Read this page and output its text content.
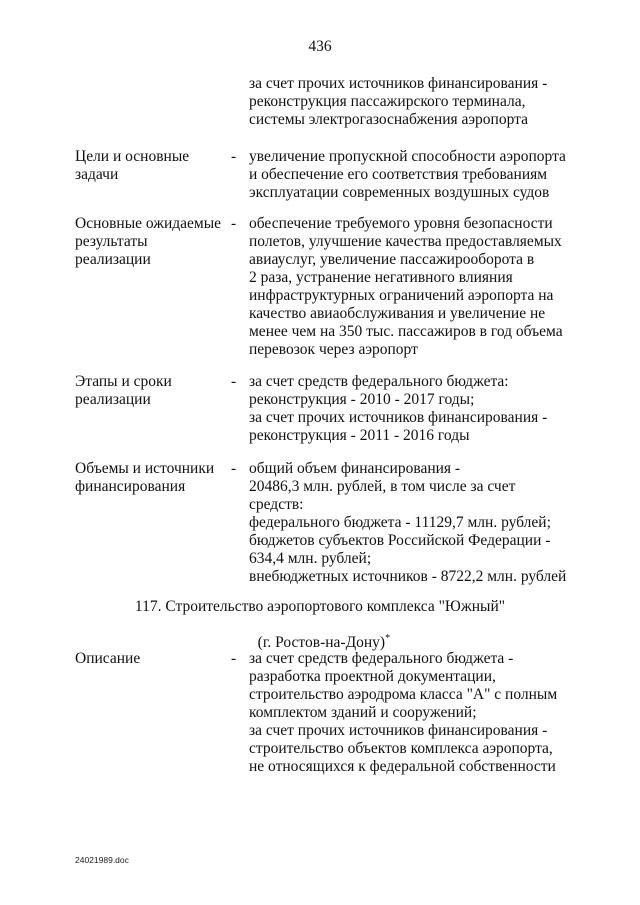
436
за счет прочих источников финансирования -
реконструкция пассажирского терминала,
системы электрогазоснабжения аэропорта
Цели и основные
задачи
- увеличение пропускной способности аэропорта
и обеспечение его соответствия требованиям
эксплуатации современных воздушных судов
Основные ожидаемые
результаты
реализации
- обеспечение требуемого уровня безопасности
полетов, улучшение качества предоставляемых
авиауслуг, увеличение пассажирооборота в
2 раза, устранение негативного влияния
инфраструктурных ограничений аэропорта на
качество авиаобслуживания и увеличение не
менее чем на 350 тыс. пассажиров в год объема
перевозок через аэропорт
Этапы и сроки
реализации
- за счет средств федерального бюджета:
реконструкция - 2010 - 2017 годы;
за счет прочих источников финансирования -
реконструкция - 2011 - 2016 годы
Объемы и источники
финансирования
- общий объем финансирования -
20486,3 млн. рублей, в том числе за счет
средств:
федерального бюджета - 11129,7 млн. рублей;
бюджетов субъектов Российской Федерации -
634,4 млн. рублей;
внебюджетных источников - 8722,2 млн. рублей
117. Строительство аэропортового комплекса "Южный"

(г. Ростов-на-Дону)*

Описание	- за счет средств федерального бюджета -
разработка проектной документации,
строительство аэродрома класса "А" с полным
комплектом зданий и сооружений;
за счет прочих источников финансирования -
строительство объектов комплекса аэропорта,
не относящихся к федеральной собственности
24021989.doc
